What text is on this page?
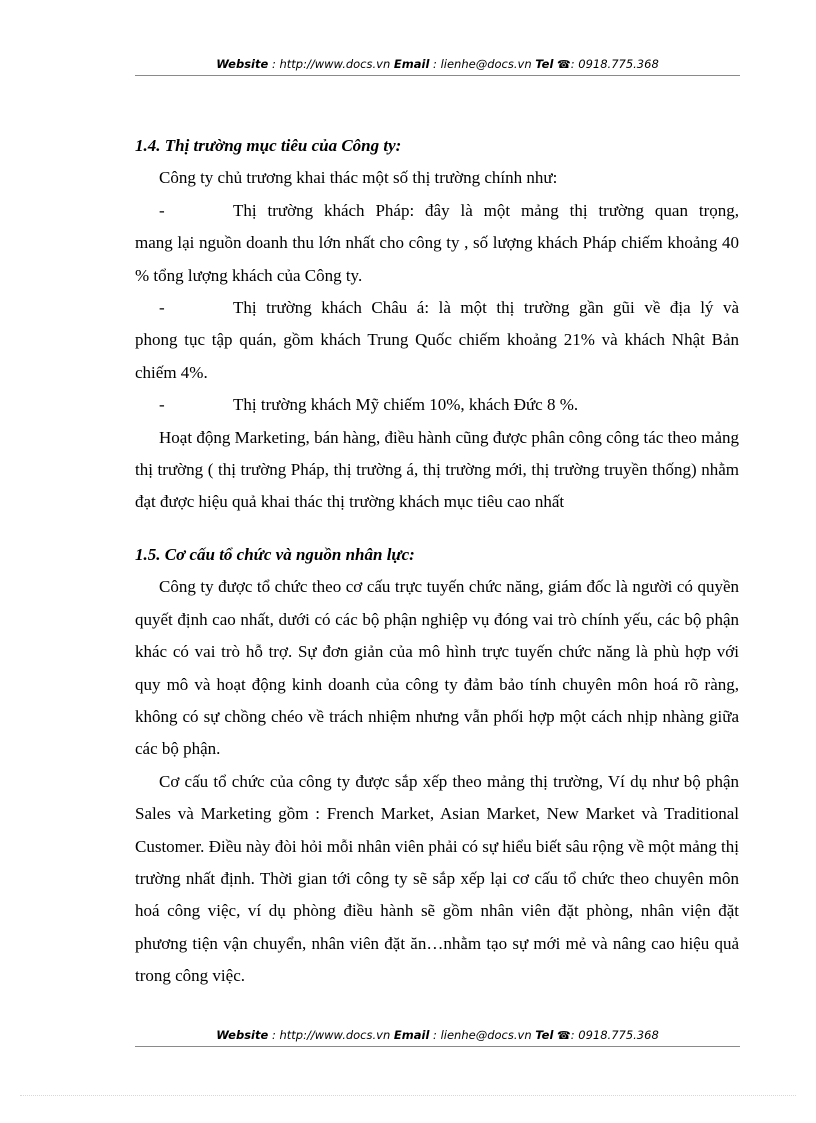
Website : http://www.docs.vn Email : lienhe@docs.vn Tel ☎: 0918.775.368
1.4. Thị trường mục tiêu của Công ty:
Công ty chủ trương khai thác một số thị trường chính như:
-	Thị trường khách Pháp: đây là một mảng thị trường quan trọng,
mang lại nguồn doanh thu lớn nhất cho công ty , số lượng khách Pháp chiếm khoảng 40 % tổng lượng khách của Công ty.
-	Thị trường khách Châu á: là một thị trường gần gũi về địa lý và
phong tục tập quán, gồm khách Trung Quốc chiếm khoảng 21% và khách Nhật Bản chiếm 4%.
-	Thị trường khách Mỹ chiếm 10%, khách Đức 8 %.
Hoạt động Marketing, bán hàng, điều hành cũng được phân công công tác theo mảng thị trường ( thị trường Pháp, thị trường á, thị trường mới, thị trường truyền thống) nhằm đạt được hiệu quả khai thác thị trường khách mục tiêu cao nhất
1.5. Cơ cấu tổ chức và nguồn nhân lực:
Công ty được tổ chức theo cơ cấu trực tuyến chức năng, giám đốc là người có quyền quyết định cao nhất, dưới có các bộ phận nghiệp vụ đóng vai trò chính yếu, các bộ phận khác có vai trò hỗ trợ. Sự đơn giản của mô hình trực tuyến chức năng là phù hợp với quy mô và hoạt động kinh doanh của công ty đảm bảo tính chuyên môn hoá rõ ràng, không có sự chồng chéo về trách nhiệm nhưng vẫn phối hợp một cách nhịp nhàng giữa các bộ phận.
Cơ cấu tổ chức của công ty được sắp xếp theo mảng thị trường, Ví dụ như bộ phận Sales và Marketing gồm : French Market, Asian Market, New Market và Traditional Customer. Điều này đòi hỏi mỗi nhân viên phải có sự hiểu biết sâu rộng về một mảng thị trường nhất định. Thời gian tới công ty sẽ sắp xếp lại cơ cấu tổ chức theo chuyên môn hoá công việc, ví dụ phòng điều hành sẽ gồm nhân viên đặt phòng, nhân viện đặt phương tiện vận chuyển, nhân viên đặt ăn…nhằm tạo sự mới mẻ và nâng cao hiệu quả trong công việc.
Website : http://www.docs.vn Email : lienhe@docs.vn Tel ☎: 0918.775.368
